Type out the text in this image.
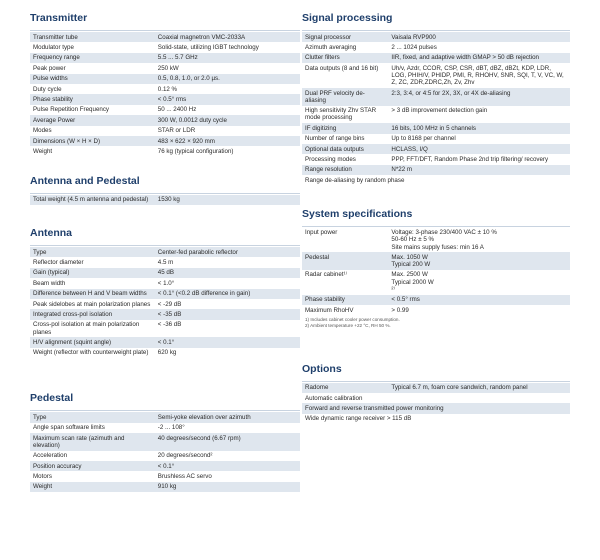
Transmitter
Transmitter tube	Coaxial magnetron VMC-2033A
Modulator type	Solid-state, utilizing IGBT technology
Frequency range	5.5 ... 5.7 GHz
Peak power	250 kW
Pulse widths	0.5, 0.8, 1.0, or 2.0 µs.
Duty cycle	0.12 %
Phase stability	< 0.5° rms
Pulse Repetition Frequency	50 ... 2400 Hz
Average Power	300 W, 0.0012 duty cycle
Modes	STAR or LDR
Dimensions (W × H × D)	483 × 622 × 920 mm
Weight	76 kg (typical configuration)
Antenna and Pedestal
Total weight (4.5 m antenna and pedestal)	1530 kg
Antenna
Type	Center-fed parabolic reflector
Reflector diameter	4.5 m
Gain (typical)	45 dB
Beam width	< 1.0°
Difference between H and V beam widths	< 0.1° (<0.2 dB difference in gain)
Peak sidelobes at main polarization planes	< -29 dB
Integrated cross-pol isolation	< -35 dB
Cross-pol isolation at main polarization planes	< -36 dB
H/V alignment (squint angle)	< 0.1°
Weight (reflector with counterweight plate)	620 kg
Pedestal
Type	Semi-yoke elevation over azimuth
Angle span software limits	-2 ... 108°
Maximum scan rate (azimuth and elevation)	40 degrees/second (6.67 rpm)
Acceleration	20 degrees/second²
Position accuracy	< 0.1°
Motors	Brushless AC servo
Weight	910 kg
Signal processing
Signal processor	Vaisala RVP900
Azimuth averaging	2 ... 1024 pulses
Clutter filters	IIR, fixed, and adaptive width GMAP > 50 dB rejection
Data outputs (8 and 16 bit)	Uh/v, Azdr, CCOR, CSP, CSR, dBT, dBZ, dBZt, KDP, LDR, LOG, PHIH/V, PHIDP, PMI, R, RHOHV, SNR, SQI, T, V, VC, W, Z, ZC, ZDR,ZDRC,Zh, Zv, Zhv
Dual PRF velocity de-aliasing	2:3, 3:4, or 4:5 for 2X, 3X, or 4X de-aliasing
High sensitivity Zhv STAR mode processing	> 3 dB improvement detection gain
IF digitizing	16 bits, 100 MHz in 5 channels
Number of range bins	Up to 8168 per channel
Optional data outputs	HCLASS, I/Q
Processing modes	PPP, FFT/DFT, Random Phase 2nd trip filtering/ recovery
Range resolution	N*22 m
Range de-aliasing by random phase	
System specifications
Input power	Voltage: 3-phase 230/400 VAC ± 10 %
50-60 Hz ± 5 %
Site mains supply fuses: min 16 A
Pedestal	Max. 1050 W
Typical 200 W
Radar cabinet¹⁾	Max. 2500 W
Typical 2000 W
²⁾
Phase stability	< 0.5° rms
Maximum RhoHV	> 0.99
1) Includes cabinet cooler power consumption.
2) Ambient temperature +22 °C, RH 50 %.
Options
Radome	Typical 6.7 m, foam core sandwich, random panel
Automatic calibration
Forward and reverse transmitted power monitoring
Wide dynamic range receiver > 115 dB
